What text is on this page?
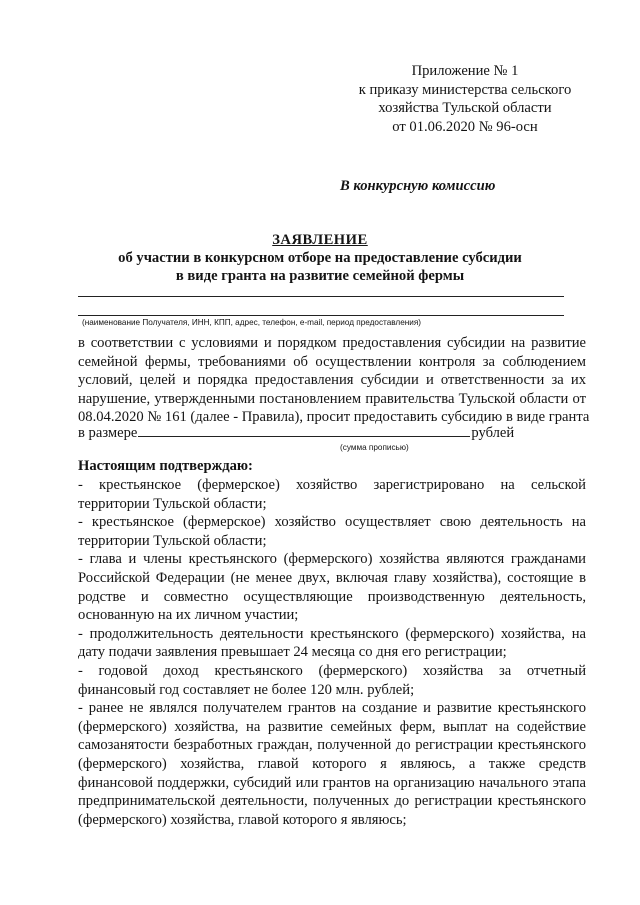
Приложение № 1
к приказу министерства сельского
хозяйства Тульской области
от 01.06.2020 № 96-осн
В конкурсную комиссию
ЗАЯВЛЕНИЕ
об участии в конкурсном отборе на предоставление субсидии
в виде гранта на развитие семейной фермы
(наименование Получателя, ИНН, КПП, адрес, телефон, e-mail, период предоставления)
в соответствии с условиями и порядком предоставления субсидии на развитие
семейной фермы, требованиями об осуществлении контроля за соблюдением
условий, целей и порядка предоставления субсидии и ответственности за их
нарушение, утвержденными постановлением правительства Тульской области от
08.04.2020 № 161 (далее - Правила), просит предоставить субсидию в виде гранта
в размере	рублей
(сумма прописью)
Настоящим подтверждаю:
- крестьянское (фермерское) хозяйство зарегистрировано на сельской
территории Тульской области;
- крестьянское (фермерское) хозяйство осуществляет свою деятельность на
территории Тульской области;
- глава и члены крестьянского (фермерского) хозяйства являются гражданами
Российской Федерации (не менее двух, включая главу хозяйства), состоящие в
родстве и совместно осуществляющие производственную деятельность,
основанную на их личном участии;
- продолжительность деятельности крестьянского (фермерского) хозяйства, на
дату подачи заявления превышает 24 месяца со дня его регистрации;
- годовой доход крестьянского (фермерского) хозяйства за отчетный
финансовый год составляет не более 120 млн. рублей;
- ранее не являлся получателем грантов на создание и развитие крестьянского
(фермерского) хозяйства, на развитие семейных ферм, выплат на содействие
самозанятости безработных граждан, полученной до регистрации крестьянского
(фермерского) хозяйства, главой которого я являюсь, а также средств
финансовой поддержки, субсидий или грантов на организацию начального этапа
предпринимательской деятельности, полученных до регистрации крестьянского
(фермерского) хозяйства, главой которого я являюсь;
